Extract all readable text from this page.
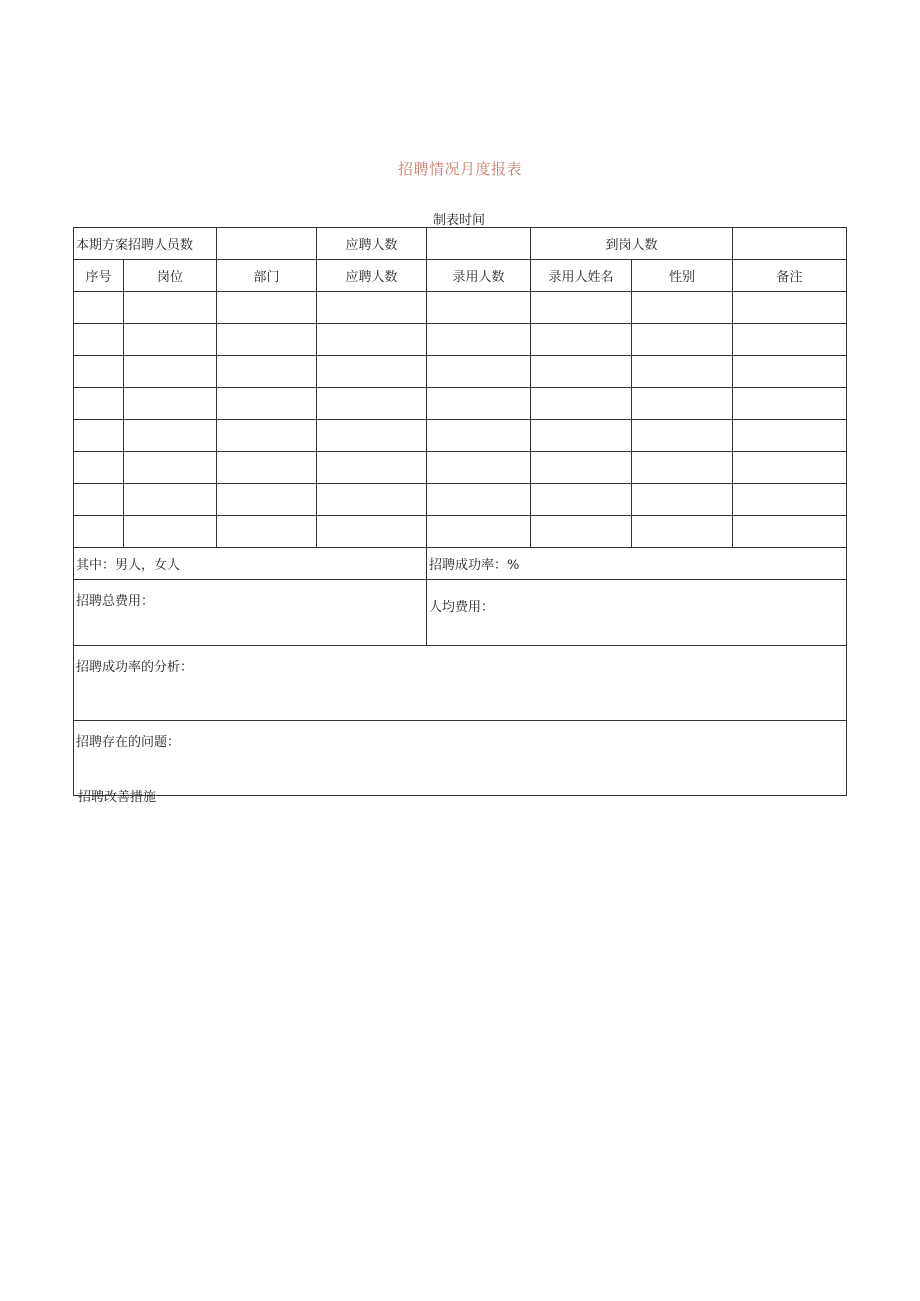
招聘情况月度报表
制表时间
本期方案招聘人员数			应聘人数		到岗人数		
序号	岗位	部门	应聘人数	录用人数	录用人姓名	性别	备注

其中：男人，女人				招聘成功率：%			
招聘总费用：				人均费用：			

招聘成功率的分析：							

招聘存在的问题：							
招聘改善措施
